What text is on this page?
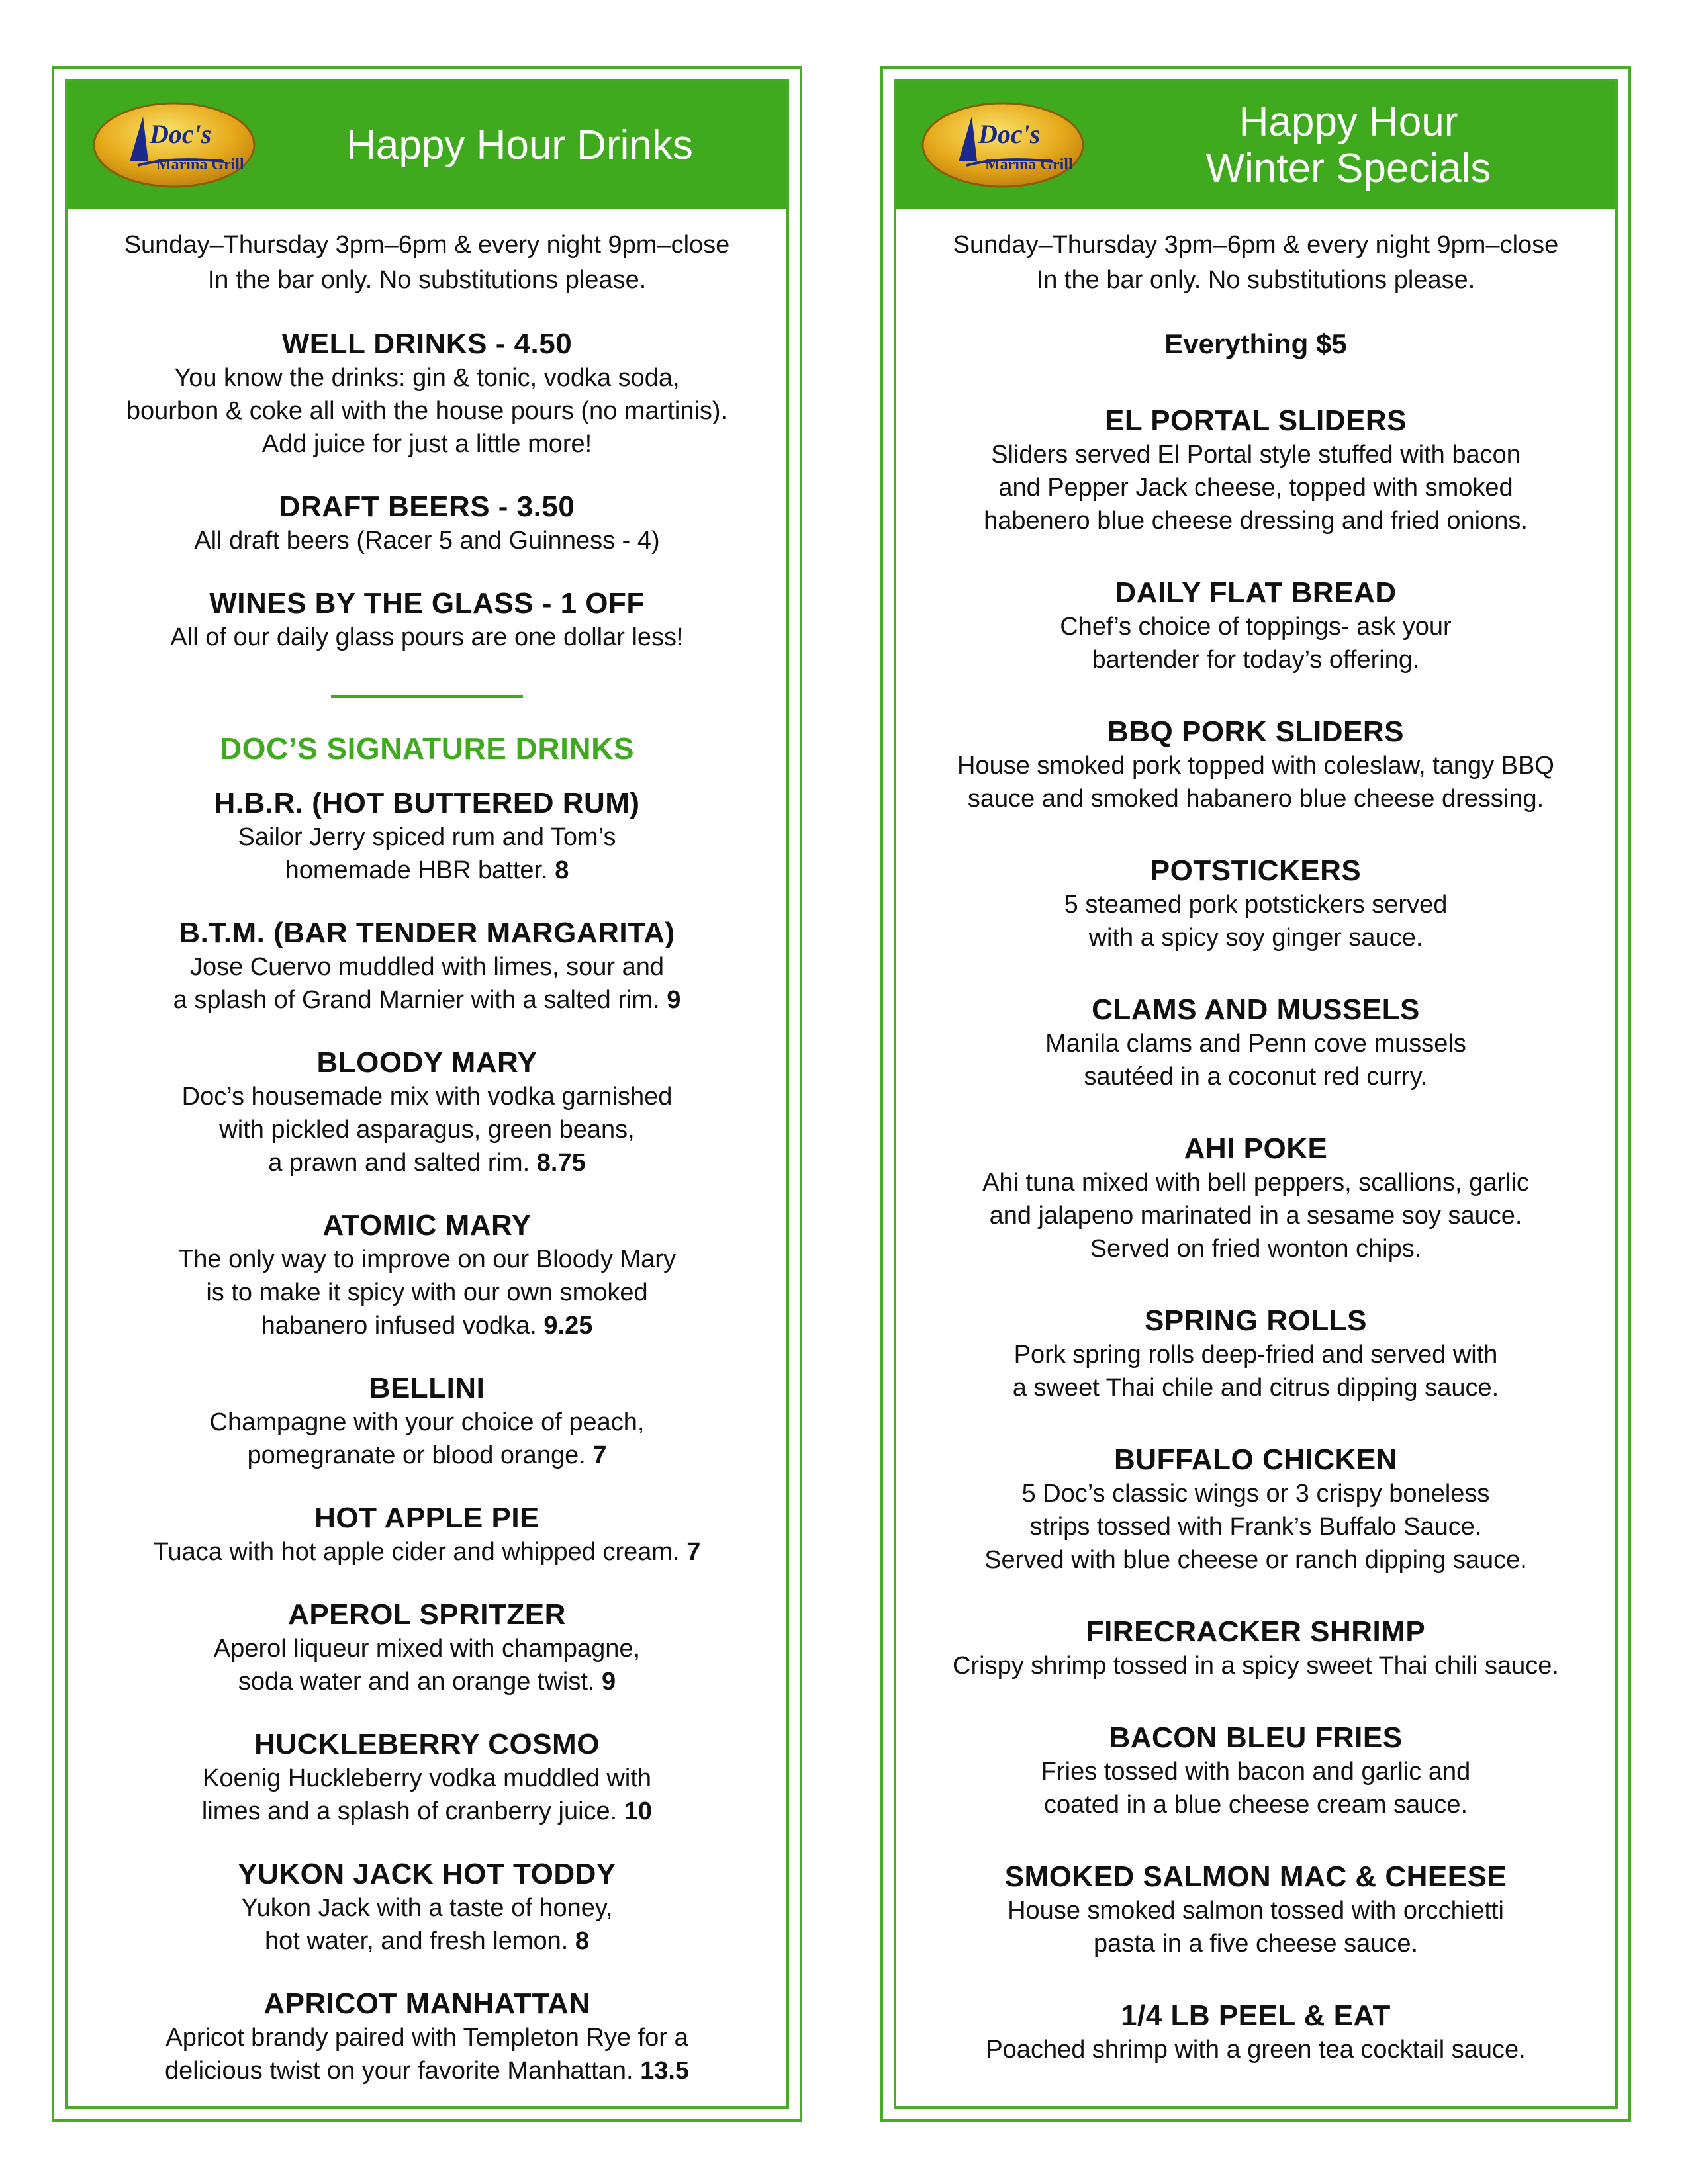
Doc's
Marina Grill	Happy Hour Drinks
Sunday–Thursday 3pm–6pm & every night 9pm–close
In the bar only. No substitutions please.
WELL DRINKS - 4.50
You know the drinks: gin & tonic, vodka soda,
bourbon & coke all with the house pours (no martinis).
Add juice for just a little more!
DRAFT BEERS - 3.50
All draft beers (Racer 5 and Guinness - 4)
WINES BY THE GLASS - 1 OFF
All of our daily glass pours are one dollar less!
DOC’S SIGNATURE DRINKS
H.B.R. (HOT BUTTERED RUM)
Sailor Jerry spiced rum and Tom’s
homemade HBR batter. 8
B.T.M. (BAR TENDER MARGARITA)
Jose Cuervo muddled with limes, sour and
a splash of Grand Marnier with a salted rim. 9
BLOODY MARY
Doc’s housemade mix with vodka garnished
with pickled asparagus, green beans,
a prawn and salted rim. 8.75
ATOMIC MARY
The only way to improve on our Bloody Mary
is to make it spicy with our own smoked
habanero infused vodka. 9.25
BELLINI
Champagne with your choice of peach,
pomegranate or blood orange. 7
HOT APPLE PIE
Tuaca with hot apple cider and whipped cream. 7
APEROL SPRITZER
Aperol liqueur mixed with champagne,
soda water and an orange twist. 9
HUCKLEBERRY COSMO
Koenig Huckleberry vodka muddled with
limes and a splash of cranberry juice. 10
YUKON JACK HOT TODDY
Yukon Jack with a taste of honey,
hot water, and fresh lemon. 8
APRICOT MANHATTAN
Apricot brandy paired with Templeton Rye for a
delicious twist on your favorite Manhattan. 13.5
Doc's
Marina Grill
Happy Hour
Winter Specials
Sunday–Thursday 3pm–6pm & every night 9pm–close
In the bar only. No substitutions please.
Everything $5
EL PORTAL SLIDERS
Sliders served El Portal style stuffed with bacon
and Pepper Jack cheese, topped with smoked
habenero blue cheese dressing and fried onions.
DAILY FLAT BREAD
Chef’s choice of toppings- ask your
bartender for today’s offering.
BBQ PORK SLIDERS
House smoked pork topped with coleslaw, tangy BBQ
sauce and smoked habanero blue cheese dressing.
POTSTICKERS
5 steamed pork potstickers served
with a spicy soy ginger sauce.
CLAMS AND MUSSELS
Manila clams and Penn cove mussels
sautéed in a coconut red curry.
AHI POKE
Ahi tuna mixed with bell peppers, scallions, garlic
and jalapeno marinated in a sesame soy sauce.
Served on fried wonton chips.
SPRING ROLLS
Pork spring rolls deep-fried and served with
a sweet Thai chile and citrus dipping sauce.
BUFFALO CHICKEN
5 Doc’s classic wings or 3 crispy boneless
strips tossed with Frank’s Buffalo Sauce.
Served with blue cheese or ranch dipping sauce.
FIRECRACKER SHRIMP
Crispy shrimp tossed in a spicy sweet Thai chili sauce.
BACON BLEU FRIES
Fries tossed with bacon and garlic and
coated in a blue cheese cream sauce.
SMOKED SALMON MAC & CHEESE
House smoked salmon tossed with orcchietti
pasta in a five cheese sauce.
1/4 LB PEEL & EAT
Poached shrimp with a green tea cocktail sauce.
